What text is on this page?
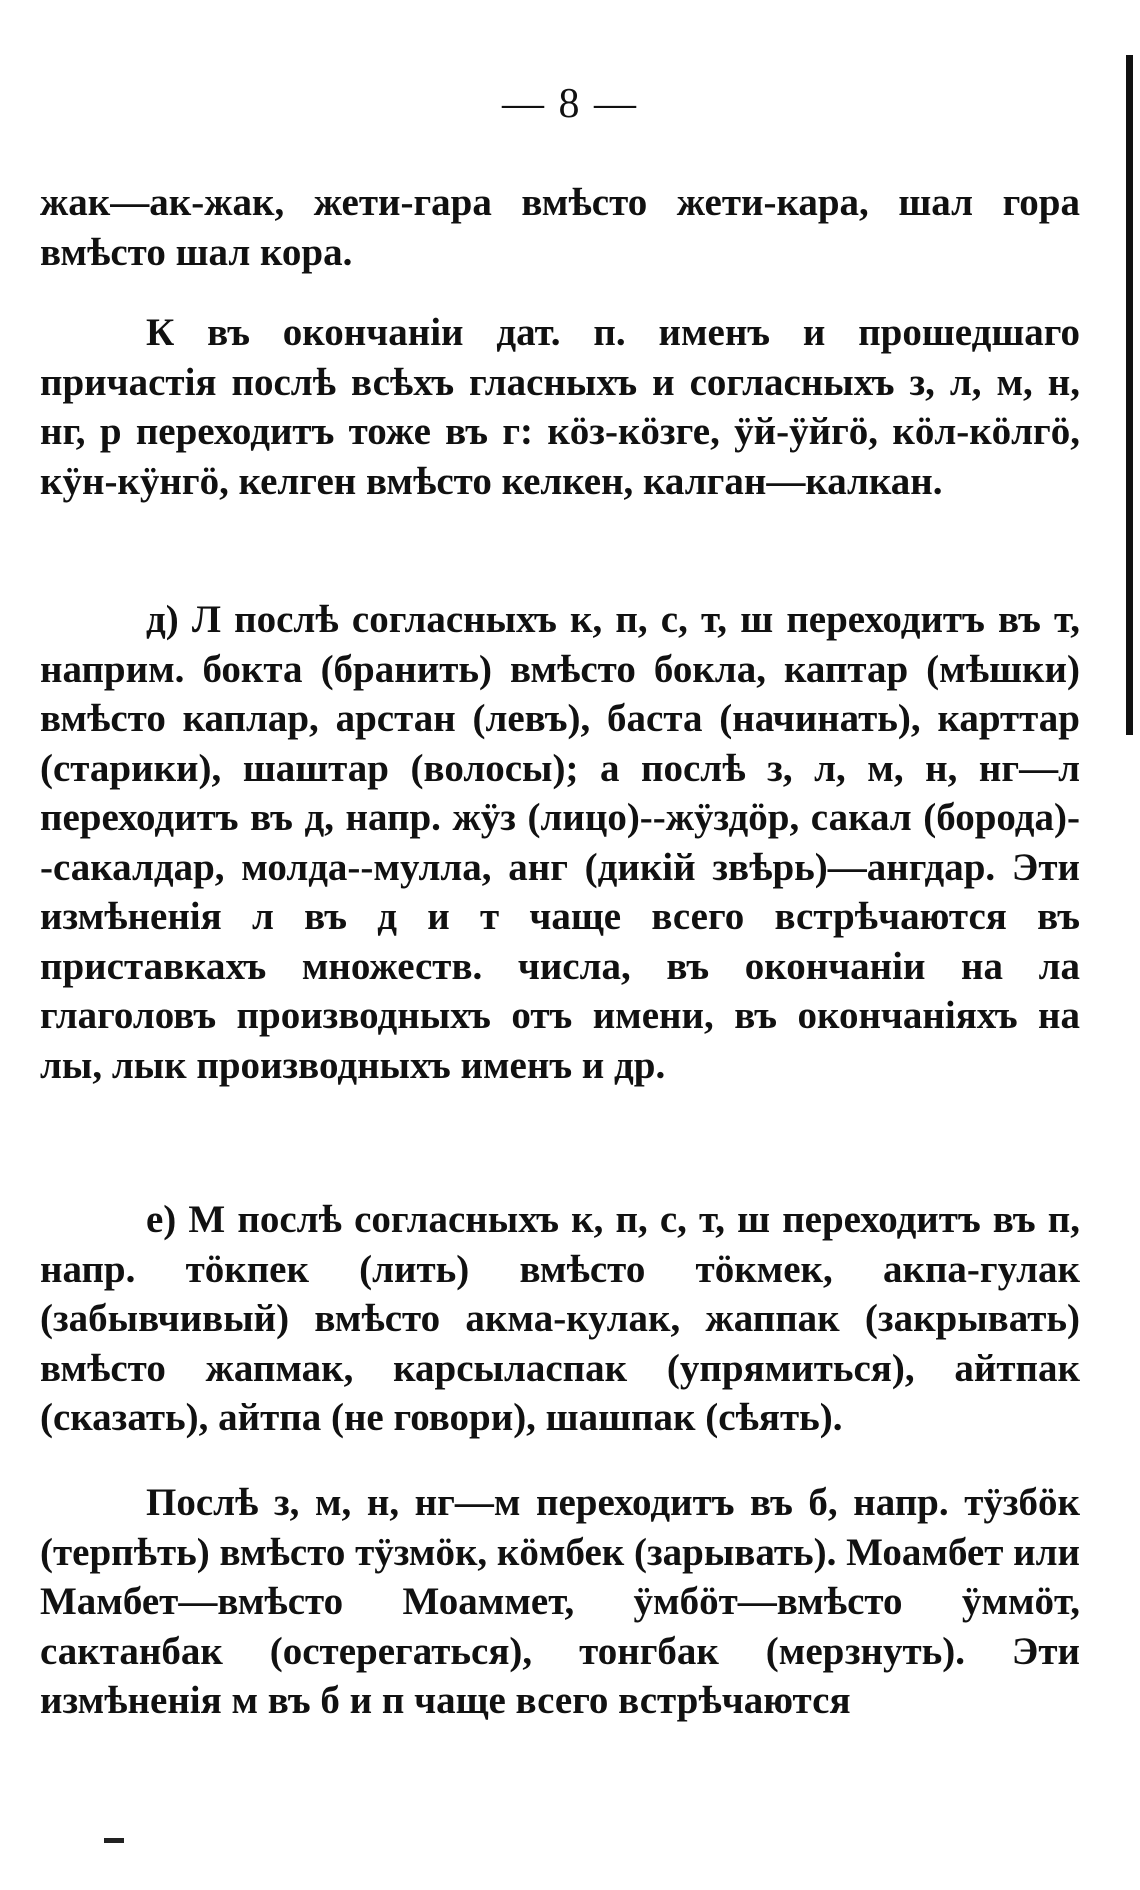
— 8 —
жак—ак-жак, жети-гара вмѣсто жети-кара, шал гора вмѣсто шал кора.
К въ окончаніи дат. п. именъ и прошедшаго причастія послѣ всѣхъ гласныхъ и согласныхъ з, л, м, н, нг, р переходитъ тоже въ г: кӧз-кӧзге, ӱй-ӱйгӧ, кӧл-кӧлгӧ, кӱн-кӱнгӧ, келген вмѣсто келкен, калган—калкан.
д) Л послѣ согласныхъ к, п, с, т, ш переходитъ въ т, наприм. бокта (бранить) вмѣсто бокла, каптар (мѣшки) вмѣсто каплар, арстан (левъ), баста (начинать), карттар (старики), шаштар (волосы); а послѣ з, л, м, н, нг—л переходитъ въ д, напр. жӱз (лицо)--жӱздӧр, сакал (борода)--сакалдар, молда--мулла, анг (дикій звѣрь)—ангдар. Эти измѣненія л въ д и т чаще всего встрѣчаются въ приставкахъ множеств. числа, въ окончаніи на ла глаголовъ производныхъ отъ имени, въ окончаніяхъ на лы, лык производныхъ именъ и др.
е) М послѣ согласныхъ к, п, с, т, ш переходитъ въ п, напр. тӧкпек (лить) вмѣсто тӧкмек, акпа-гулак (забывчивый) вмѣсто акма-кулак, жаппак (закрывать) вмѣсто жапмак, карсыласпак (упрямиться), айтпак (сказать), айтпа (не говори), шашпак (сѣять).
Послѣ з, м, н, нг—м переходитъ въ б, напр. тӱзбӧк (терпѣть) вмѣсто тӱзмӧк, кӧмбек (зарывать). Моамбет или Мамбет—вмѣсто Моаммет, ӱмбӧт—вмѣсто ӱммӧт, сактанбак (остерегаться), тонгбак (мерзнуть). Эти измѣненія м въ б и п чаще всего встрѣчаются
